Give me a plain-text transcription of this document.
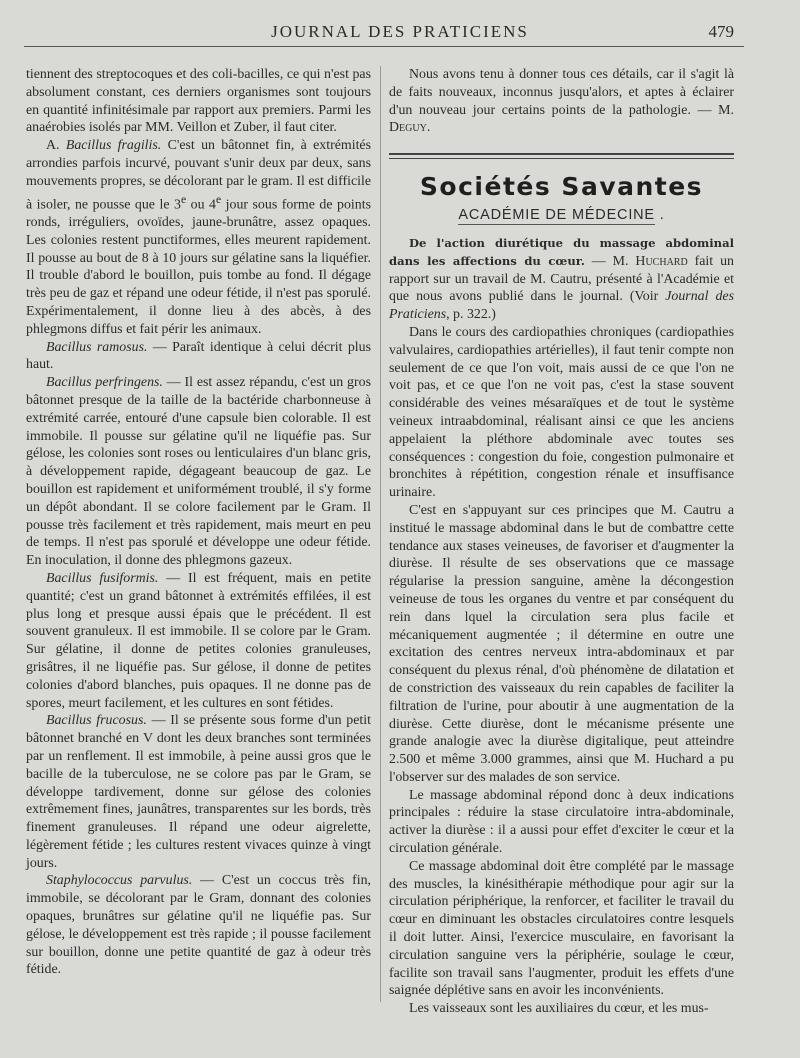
JOURNAL DES PRATICIENS	479

tiennent des streptocoques et des coli-bacilles, ce qui n'est pas absolument constant, ces derniers organismes sont toujours en quantité infinitésimale par rapport aux premiers. Parmi les anaérobies isolés par MM. Veillon et Zuber, il faut citer.

A. Bacillus fragilis. C'est un bâtonnet fin, à extrémités arrondies parfois incurvé, pouvant s'unir deux par deux, sans mouvements propres, se décolorant par le gram. Il est difficile à isoler, ne pousse que le 3e ou 4e jour sous forme de points ronds, irréguliers, ovoïdes, jaune-brunâtre, assez opaques. Les colonies restent punctiformes, elles meurent rapidement. Il pousse au bout de 8 à 10 jours sur gélatine sans la liquéfier. Il trouble d'abord le bouillon, puis tombe au fond. Il dégage très peu de gaz et répand une odeur fétide, il n'est pas sporulé. Expérimentalement, il donne lieu à des abcès, à des phlegmons diffus et fait périr les animaux.

Bacillus ramosus. — Paraît identique à celui décrit plus haut.

Bacillus perfringens. — Il est assez répandu, c'est un gros bâtonnet presque de la taille de la bactéride charbonneuse à extrémité carrée, entouré d'une capsule bien colorable. Il est immobile. Il pousse sur gélatine qu'il ne liquéfie pas. Sur gélose, les colonies sont roses ou lenticulaires d'un blanc gris, à développement rapide, dégageant beaucoup de gaz. Le bouillon est rapidement et uniformément troublé, il s'y forme un dépôt abondant. Il se colore facilement par le Gram. Il pousse très facilement et très rapidement, mais meurt en peu de temps. Il n'est pas sporulé et développe une odeur fétide. En inoculation, il donne des phlegmons gazeux.

Bacillus fusiformis. — Il est fréquent, mais en petite quantité; c'est un grand bâtonnet à extrémités effilées, il est plus long et presque aussi épais que le précédent. Il est souvent granuleux. Il est immobile. Il se colore par le Gram. Sur gélatine, il donne de petites colonies granuleuses, grisâtres, il ne liquéfie pas. Sur gélose, il donne de petites colonies d'abord blanches, puis opaques. Il ne donne pas de spores, meurt facilement, et les cultures en sont fétides.

Bacillus frucosus. — Il se présente sous forme d'un petit bâtonnet branché en V dont les deux branches sont terminées par un renflement. Il est immobile, à peine aussi gros que le bacille de la tuberculose, ne se colore pas par le Gram, se développe tardivement, donne sur gélose des colonies extrêmement fines, jaunâtres, transparentes sur les bords, très finement granuleuses. Il répand une odeur aigrelette, légèrement fétide ; les cultures restent vivaces quinze à vingt jours.

Staphylococcus parvulus. — C'est un coccus très fin, immobile, se décolorant par le Gram, donnant des colonies opaques, brunâtres sur gélatine qu'il ne liquéfie pas. Sur gélose, le développement est très rapide ; il pousse facilement sur bouillon, donne une petite quantité de gaz à odeur très fétide.

Nous avons tenu à donner tous ces détails, car il s'agit là de faits nouveaux, inconnus jusqu'alors, et aptes à éclairer d'un nouveau jour certains points de la pathologie. — M. Deguy.

Sociétés Savantes
ACADÉMIE DE MÉDECINE .

De l'action diurétique du massage abdominal dans les affections du cœur. — M. Huchard fait un rapport sur un travail de M. Cautru, présenté à l'Académie et que nous avons publié dans le journal. (Voir Journal des Praticiens, p. 322.)

Dans le cours des cardiopathies chroniques (cardiopathies valvulaires, cardiopathies artérielles), il faut tenir compte non seulement de ce que l'on voit, mais aussi de ce que l'on ne voit pas, et ce que l'on ne voit pas, c'est la stase souvent considérable des veines mésaraïques et de tout le système veineux intraabdominal, réalisant ainsi ce que les anciens appelaient la pléthore abdominale avec toutes ses conséquences : congestion du foie, congestion pulmonaire et bronchites à répétition, congestion rénale et insuffisance urinaire.

C'est en s'appuyant sur ces principes que M. Cautru a institué le massage abdominal dans le but de combattre cette tendance aux stases veineuses, de favoriser et d'augmenter la diurèse. Il résulte de ses observations que ce massage régularise la pression sanguine, amène la décongestion veineuse de tous les organes du ventre et par conséquent du rein dans lquel la circulation sera plus facile et mécaniquement augmentée ; il détermine en outre une excitation des centres nerveux intra-abdominaux et par conséquent du plexus rénal, d'où phénomène de dilatation et de constriction des vaisseaux du rein capables de faciliter la filtration de l'urine, pour aboutir à une augmentation de la diurèse. Cette diurèse, dont le mécanisme présente une grande analogie avec la diurèse digitalique, peut atteindre 2.500 et même 3.000 grammes, ainsi que M. Huchard a pu l'observer sur des malades de son service.

Le massage abdominal répond donc à deux indications principales : réduire la stase circulatoire intra-abdominale, activer la diurèse : il a aussi pour effet d'exciter le cœur et la circulation générale.

Ce massage abdominal doit être complété par le massage des muscles, la kinésithérapie méthodique pour agir sur la circulation périphérique, la renforcer, et faciliter le travail du cœur en diminuant les obstacles circulatoires contre lesquels il doit lutter. Ainsi, l'exercice musculaire, en favorisant la circulation sanguine vers la périphérie, soulage le cœur, facilite son travail sans l'augmenter, produit les effets d'une saignée déplétive sans en avoir les inconvénients.

Les vaisseaux sont les auxiliaires du cœur, et les mus-
